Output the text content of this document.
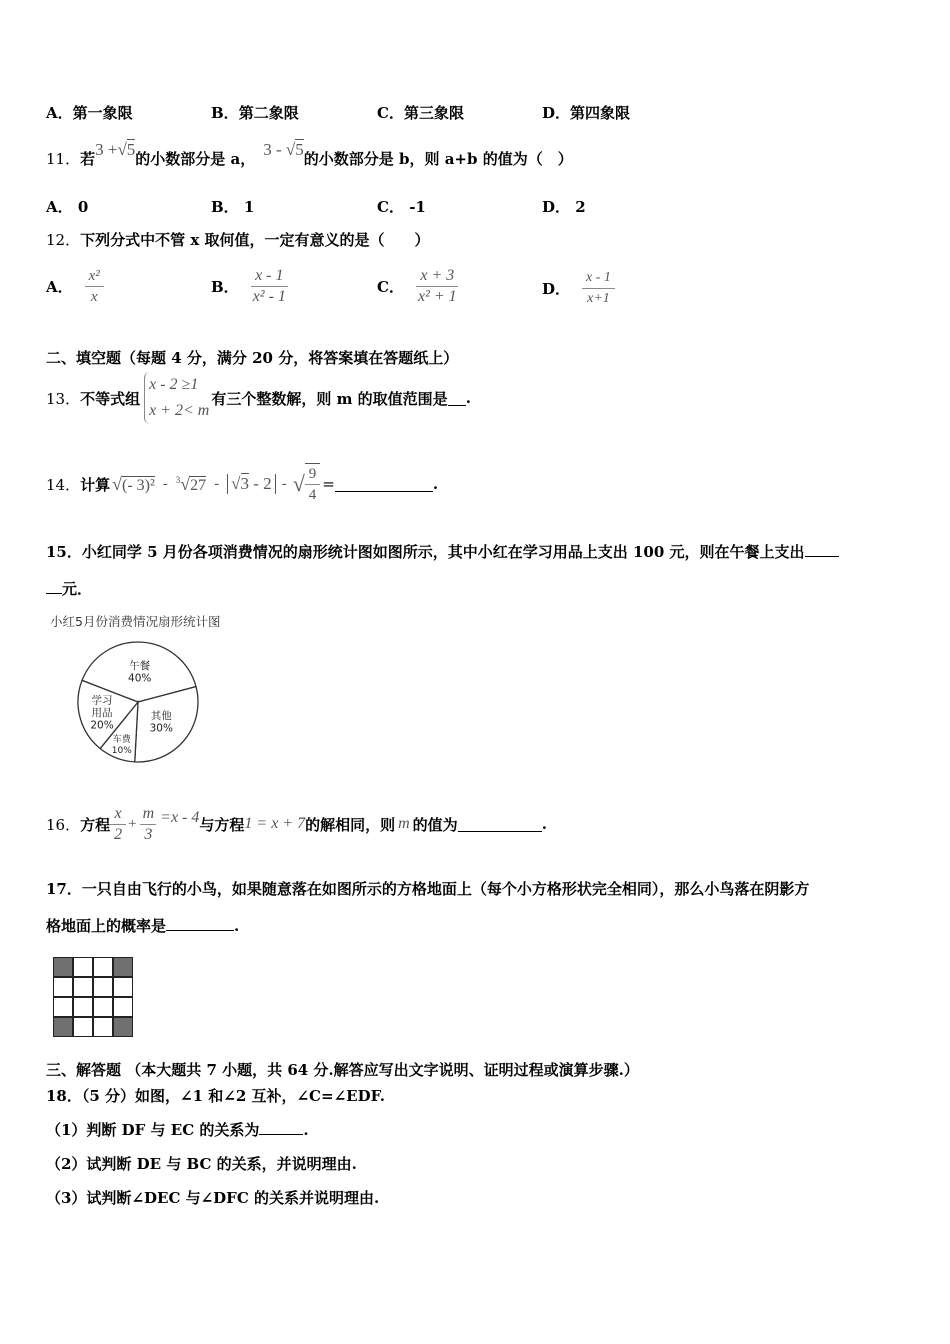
A．第一象限	B．第二象限	C．第三象限	D．第四象限
11． 若 3 +√5 的小数部分是 a， 3 - √5 的小数部分是 b，则 a+b 的值为（　）
A． 0	B． 1	C． -1	D． 2
12．下列分式中不管 x 取何值，一定有意义的是（　　）
A． $\frac{\text{x²}}{x}$	B． $\frac{x - 1}{\text{x² - 1}}$	C． $\frac{x + 3}{\text{x² + 1}}$	D． $\frac{x - 1}{x+1}$
二、填空题（每题 4 分，满分 20 分，将答案填在答题纸上）
13． 不等式组
x - 2 ≥1
x + 2< m
有三个整数解，则 m 的取值范围是 .
14． 计算 √(- 3)² - $^3$√27 - √3 - 2 - √ $\frac{9}{4}$ =	.
15．小红同学 5 月份各项消费情况的扇形统计图如图所示，其中小红在学习用品上支出 100 元，则在午餐上支出
元．
小红5月份消费情况扇形统计图
午餐
40%
其他
30%
车费
10%
学习
用品
20%
16． 方程 $\frac{x}{2} + \frac{m}{3} =x - 4$ 与方程 1 = x + 7 的解相同，则 m 的值为	.
17．一只自由飞行的小鸟，如果随意落在如图所示的方格地面上（每个小方格形状完全相同），那么小鸟落在阴影方
格地面上的概率是	.
三、解答题 （本大题共 7 小题，共 64 分.解答应写出文字说明、证明过程或演算步骤.）
18．（5 分）如图，∠1 和∠2 互补，∠C=∠EDF.
（1）判断 DF 与 EC 的关系为	.
（2）试判断 DE 与 BC 的关系，并说明理由.
（3）试判断∠DEC 与∠DFC 的关系并说明理由.
